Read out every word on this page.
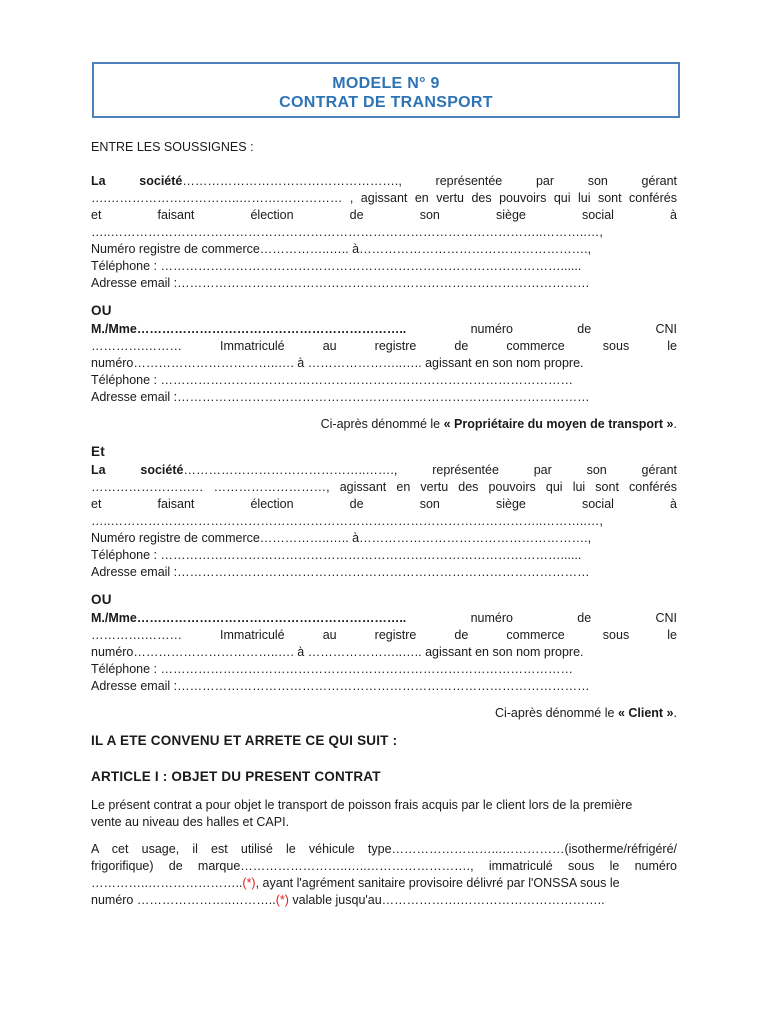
MODELE N° 9
CONTRAT DE TRANSPORT
ENTRE LES SOUSSIGNES :
La société…………………………………………….,	représentée par son gérant
….…………………………..……….…………… , agissant en vertu des pouvoirs qui lui sont conférés
et faisant élection de son siège social à
…..…………………………………………………………………………………………..………..…,
Numéro registre de commerce……………..….. à……………………………………………….,
Téléphone : ……………………………………………………………………………………......
Adresse email :………………………………………………………………………………………
OU
M./Mme………………………………………………………..	numéro de CNI
………….……… Immatriculé au registre de commerce sous le
numéro……………………………..…. à …………………..….. agissant en son nom propre.
Téléphone : ………………………………………………………………………………………
Adresse email :………………………………………………………………………………………
Ci-après dénommé le « Propriétaire du moyen de transport ».
Et
La société……………………………………..…….,	représentée par son gérant
……………………… ………………………, agissant en vertu des pouvoirs qui lui sont conférés
et faisant élection de son siège social à
…..…………………………………………………………………………………………..………..…,
Numéro registre de commerce……………..….. à……………………………………………….,
Téléphone : ……………………………………………………………………………………......
Adresse email :………………………………………………………………………………………
OU
M./Mme………………………………………………………..	numéro de CNI
………….……… Immatriculé au registre de commerce sous le
numéro……………………………..…. à …………………..….. agissant en son nom propre.
Téléphone : ………………………………………………………………………………………
Adresse email :………………………………………………………………………………………
Ci-après dénommé le « Client ».
IL A ETE CONVENU ET ARRETE CE QUI SUIT :
ARTICLE I : OBJET DU PRESENT CONTRAT
Le présent contrat a pour objet le transport de poisson frais acquis par le client lors de la première
vente au niveau des halles et CAPI.
A cet usage, il est utilisé le véhicule type……………………...……………(isotherme/réfrigéré/
frigorifique) de marque……………………..…..……………………., immatriculé sous le numéro
…………..…………………..(*), ayant l'agrément sanitaire provisoire délivré par l'ONSSA sous le
numéro …………………..………..(*) valable jusqu'au……………….……………………………..
